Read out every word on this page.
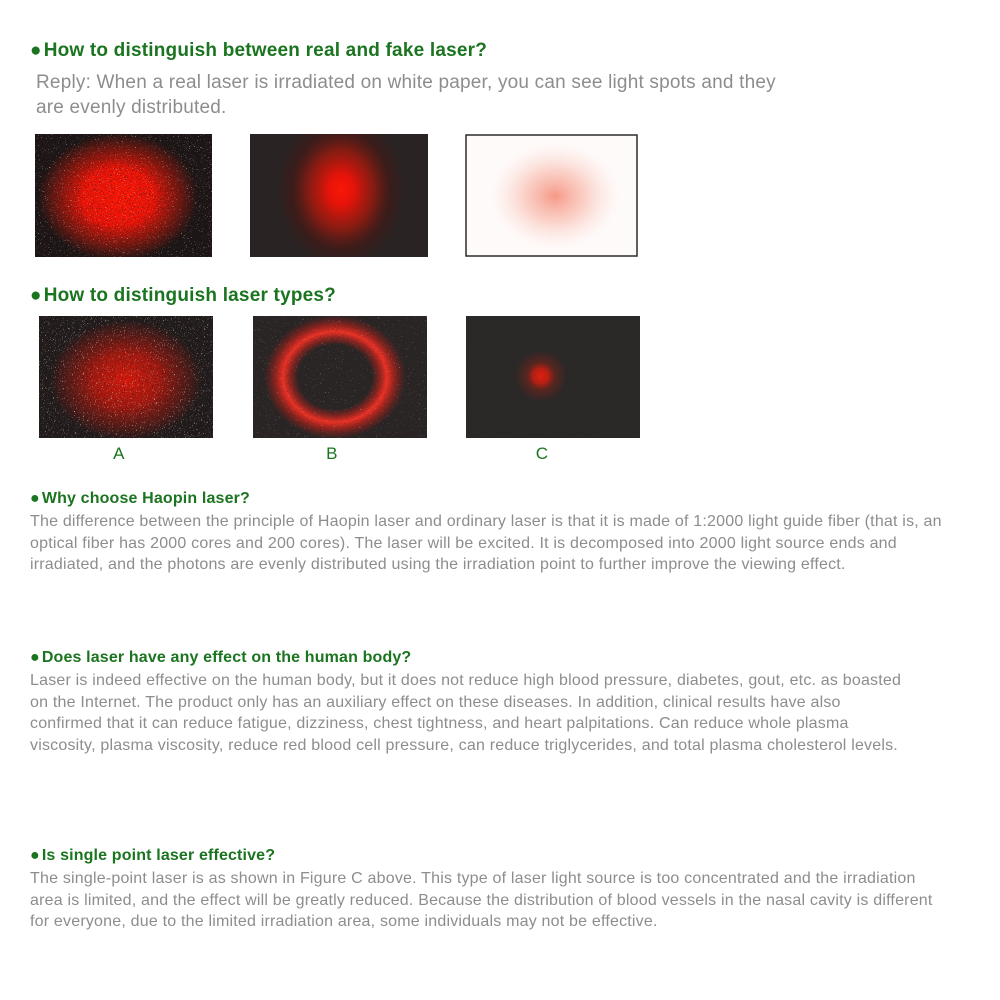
● How to distinguish between real and fake laser?
Reply: When a real laser is irradiated on white paper, you can see light spots and they are evenly distributed.
● How to distinguish laser types?
A	B	C
● Why choose Haopin laser?
The difference between the principle of Haopin laser and ordinary laser is that it is made of 1:2000 light guide fiber (that is, an optical fiber has 2000 cores and 200 cores). The laser will be excited. It is decomposed into 2000 light source ends and irradiated, and the photons are evenly distributed using the irradiation point to further improve the viewing effect.
● Does laser have any effect on the human body?
Laser is indeed effective on the human body, but it does not reduce high blood pressure, diabetes, gout, etc. as boasted on the Internet. The product only has an auxiliary effect on these diseases. In addition, clinical results have also confirmed that it can reduce fatigue, dizziness, chest tightness, and heart palpitations. Can reduce whole plasma viscosity, plasma viscosity, reduce red blood cell pressure, can reduce triglycerides, and total plasma cholesterol levels.
● Is single point laser effective?
The single-point laser is as shown in Figure C above. This type of laser light source is too concentrated and the irradiation area is limited, and the effect will be greatly reduced. Because the distribution of blood vessels in the nasal cavity is different for everyone, due to the limited irradiation area, some individuals may not be effective.
